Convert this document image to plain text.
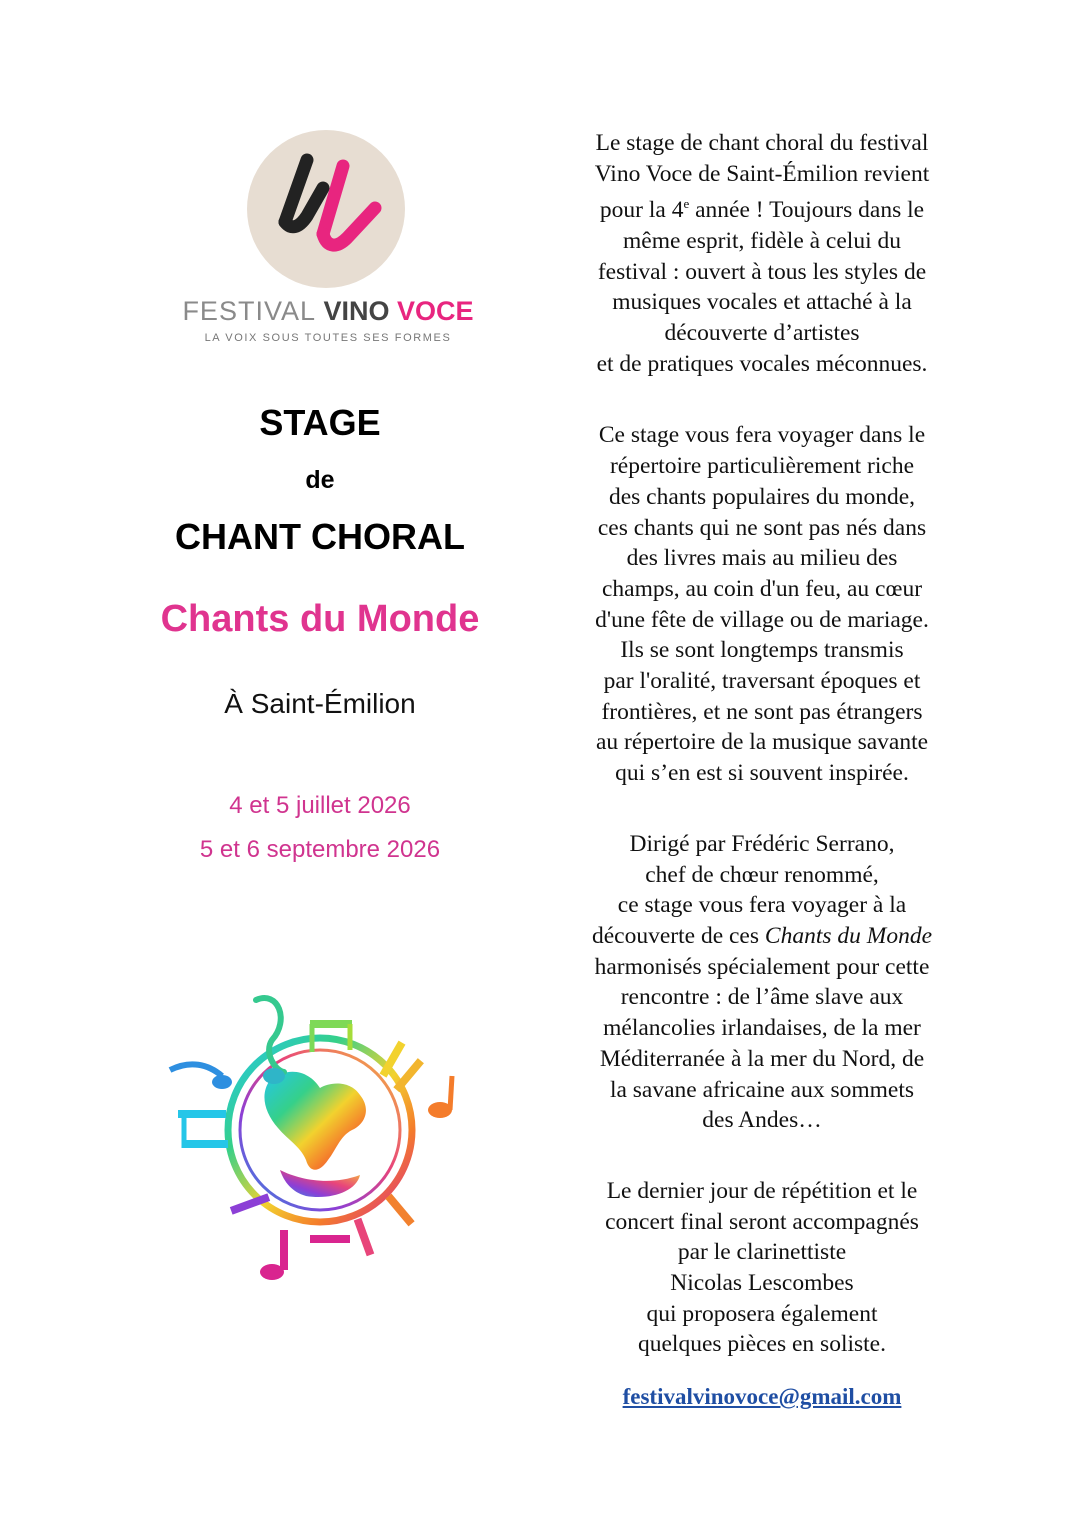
FESTIVAL VINO VOCE
LA VOIX SOUS TOUTES SES FORMES
STAGE
de
CHANT CHORAL
Chants du Monde
À Saint-Émilion
4 et 5 juillet 2026
5 et 6 septembre 2026

Le stage de chant choral du festival
Vino Voce de Saint-Émilion revient
pour la 4e année ! Toujours dans le
même esprit, fidèle à celui du
festival : ouvert à tous les styles de
musiques vocales et attaché à la
découverte d’artistes
et de pratiques vocales méconnues.

Ce stage vous fera voyager dans le
répertoire particulièrement riche
des chants populaires du monde,
ces chants qui ne sont pas nés dans
des livres mais au milieu des
champs, au coin d'un feu, au cœur
d'une fête de village ou de mariage.
Ils se sont longtemps transmis
par l'oralité, traversant époques et
frontières, et ne sont pas étrangers
au répertoire de la musique savante
qui s’en est si souvent inspirée.

Dirigé par Frédéric Serrano,
chef de chœur renommé,
ce stage vous fera voyager à la
découverte de ces Chants du Monde
harmonisés spécialement pour cette
rencontre : de l’âme slave aux
mélancolies irlandaises, de la mer
Méditerranée à la mer du Nord, de
la savane africaine aux sommets
des Andes…

Le dernier jour de répétition et le
concert final seront accompagnés
par le clarinettiste
Nicolas Lescombes
qui proposera également
quelques pièces en soliste.

festivalvinovoce@gmail.com
